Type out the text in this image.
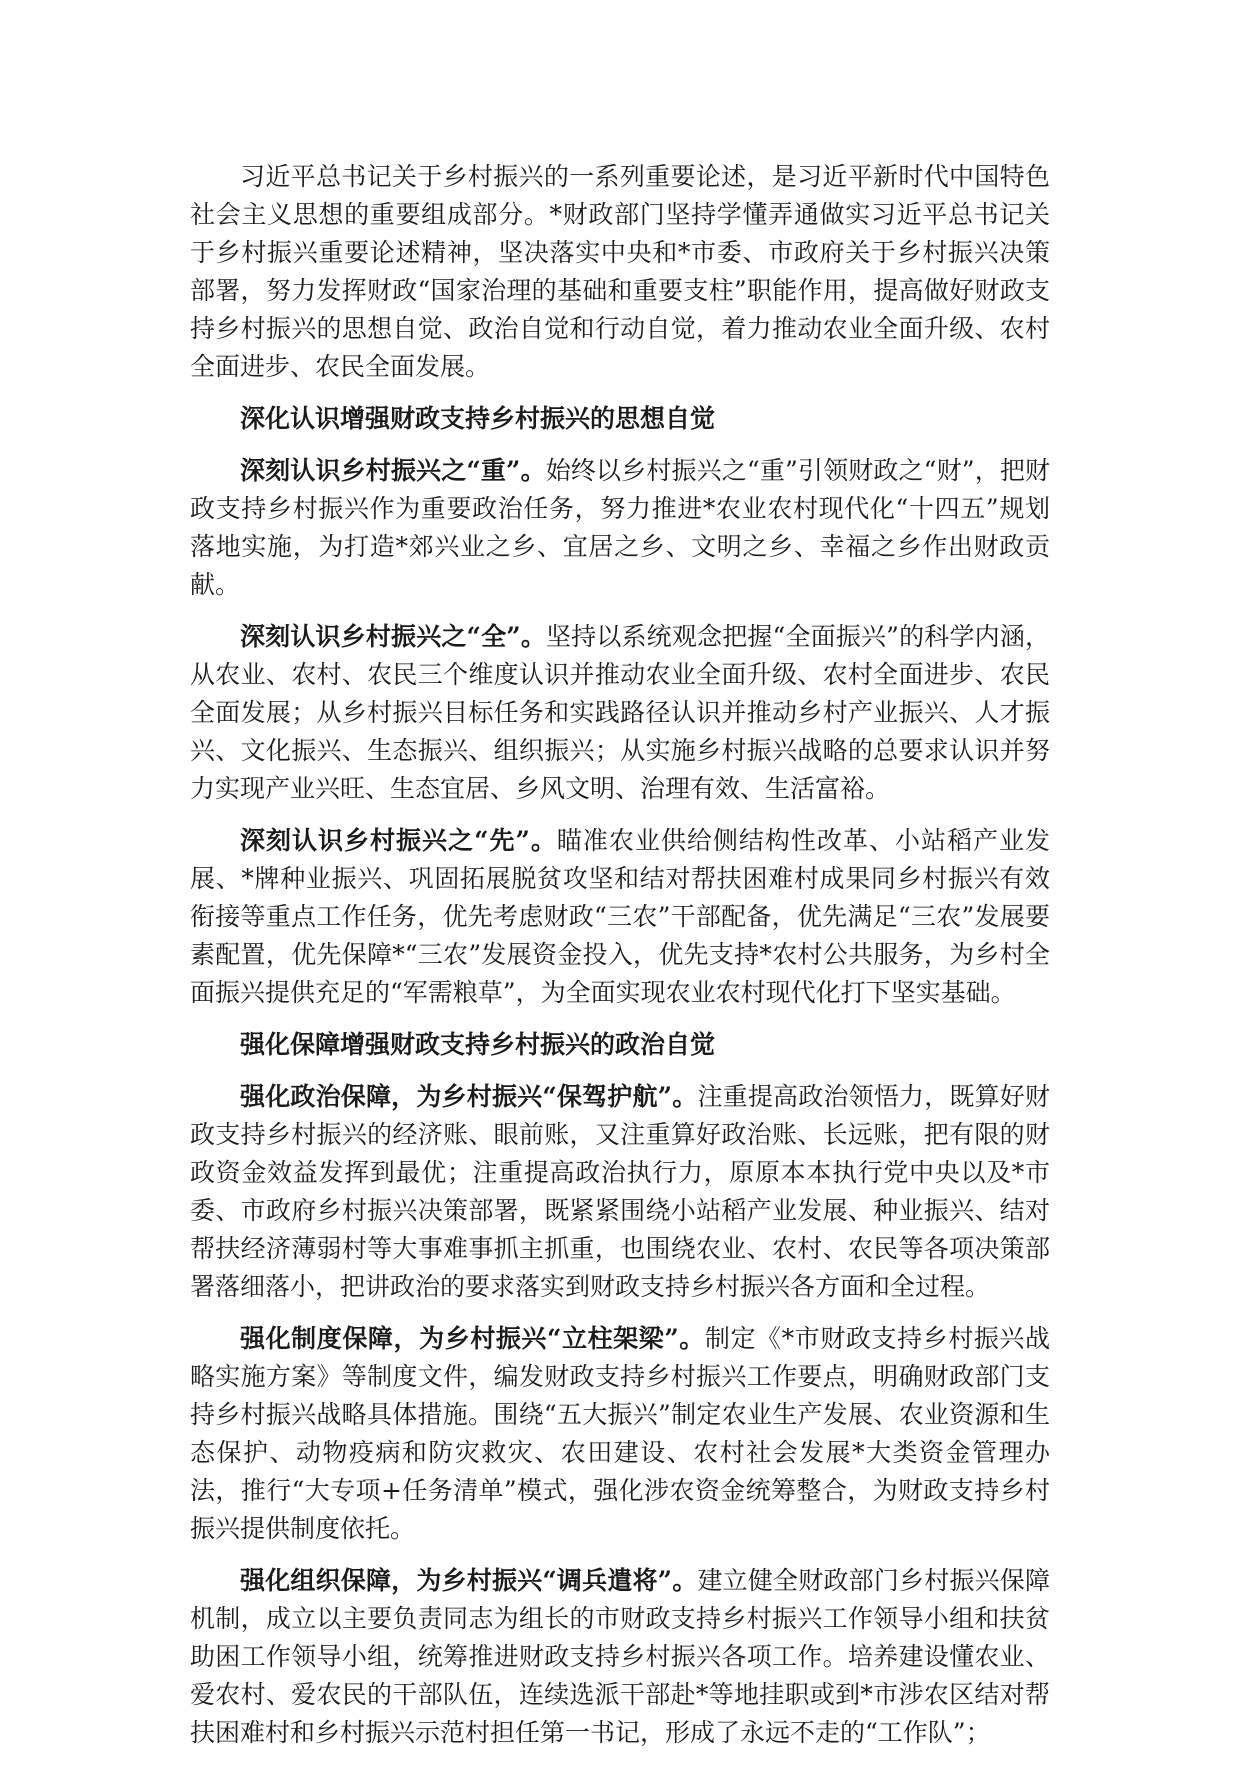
习近平总书记关于乡村振兴的一系列重要论述，是习近平新时代中国特色社会主义思想的重要组成部分。*财政部门坚持学懂弄通做实习近平总书记关于乡村振兴重要论述精神，坚决落实中央和*市委、市政府关于乡村振兴决策部署，努力发挥财政“国家治理的基础和重要支柱”职能作用，提高做好财政支持乡村振兴的思想自觉、政治自觉和行动自觉，着力推动农业全面升级、农村全面进步、农民全面发展。

深化认识增强财政支持乡村振兴的思想自觉

深刻认识乡村振兴之“重”。始终以乡村振兴之“重”引领财政之“财”，把财政支持乡村振兴作为重要政治任务，努力推进*农业农村现代化“十四五”规划落地实施，为打造*郊兴业之乡、宜居之乡、文明之乡、幸福之乡作出财政贡献。

深刻认识乡村振兴之“全”。坚持以系统观念把握“全面振兴”的科学内涵，从农业、农村、农民三个维度认识并推动农业全面升级、农村全面进步、农民全面发展；从乡村振兴目标任务和实践路径认识并推动乡村产业振兴、人才振兴、文化振兴、生态振兴、组织振兴；从实施乡村振兴战略的总要求认识并努力实现产业兴旺、生态宜居、乡风文明、治理有效、生活富裕。

深刻认识乡村振兴之“先”。瞄准农业供给侧结构性改革、小站稻产业发展、*牌种业振兴、巩固拓展脱贫攻坚和结对帮扶困难村成果同乡村振兴有效衔接等重点工作任务，优先考虑财政“三农”干部配备，优先满足“三农”发展要素配置，优先保障*“三农”发展资金投入，优先支持*农村公共服务，为乡村全面振兴提供充足的“军需粮草”，为全面实现农业农村现代化打下坚实基础。

强化保障增强财政支持乡村振兴的政治自觉

强化政治保障，为乡村振兴“保驾护航”。注重提高政治领悟力，既算好财政支持乡村振兴的经济账、眼前账，又注重算好政治账、长远账，把有限的财政资金效益发挥到最优；注重提高政治执行力，原原本本执行党中央以及*市委、市政府乡村振兴决策部署，既紧紧围绕小站稻产业发展、种业振兴、结对帮扶经济薄弱村等大事难事抓主抓重，也围绕农业、农村、农民等各项决策部署落细落小，把讲政治的要求落实到财政支持乡村振兴各方面和全过程。

强化制度保障，为乡村振兴“立柱架梁”。制定《*市财政支持乡村振兴战略实施方案》等制度文件，编发财政支持乡村振兴工作要点，明确财政部门支持乡村振兴战略具体措施。围绕“五大振兴”制定农业生产发展、农业资源和生态保护、动物疫病和防灾救灾、农田建设、农村社会发展*大类资金管理办法，推行“大专项+任务清单”模式，强化涉农资金统筹整合，为财政支持乡村振兴提供制度依托。

强化组织保障，为乡村振兴“调兵遣将”。建立健全财政部门乡村振兴保障机制，成立以主要负责同志为组长的市财政支持乡村振兴工作领导小组和扶贫助困工作领导小组，统筹推进财政支持乡村振兴各项工作。培养建设懂农业、爱农村、爱农民的干部队伍，连续选派干部赴*等地挂职或到*市涉农区结对帮扶困难村和乡村振兴示范村担任第一书记，形成了永远不走的“工作队”；
